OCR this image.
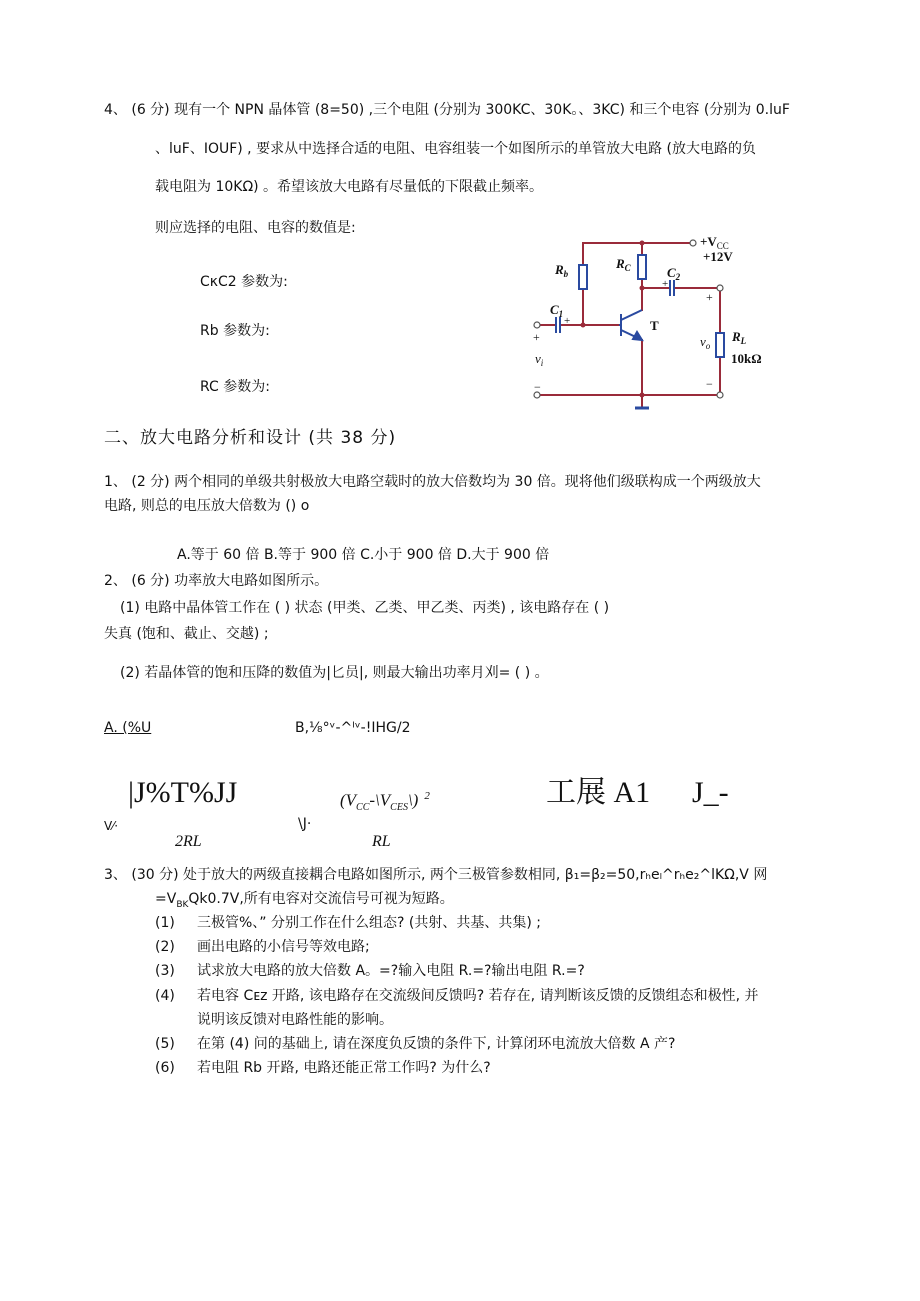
4、 (6 分) 现有一个 NPN 晶体管 (8=50) ,三个电阻 (分别为 300KC、30K。、3KC) 和三个电容 (分别为 0.luF
、luF、IOUF) , 要求从中选择合适的电阻、电容组装一个如图所示的单管放大电路 (放大电路的负
载电阻为 10KΩ) 。希望该放大电路有尽量低的下限截止频率。
则应选择的电阻、电容的数值是:
CκC2 参数为:
Rb 参数为:
RC 参数为:
$+V_{CC}$
+12V
$R_b$
$R_C$
$C_1$
$C_2$
T
$R_L$
10kΩ
$v_i$
$v_o$
+
+
+
+
−	−
二、放大电路分析和设计 (共 38 分)
1、 (2 分) 两个相同的单级共射极放大电路空载时的放大倍数均为 30 倍。现将他们级联构成一个两级放大
电路, 则总的电压放大倍数为 () o
A.等于 60 倍 B.等于 900 倍 C.小于 900 倍 D.大于 900 倍
2、 (6 分) 功率放大电路如图所示。
(1) 电路中晶体管工作在 ( ) 状态 (甲类、乙类、甲乙类、丙类) , 该电路存在 ( )
失真 (饱和、截止、交越) ;
(2) 若晶体管的饱和压降的数值为|匕员|, 则最大输出功率月刈= ( ) 。
A. (%U	B,⅛°ᵛ-^ᴵᵛ-!IHG/2
|J%T%JJ	$(V_{CC}-\backslash V_{CES}\backslash)$ $^2$	工展 A1 J_-
V⁄·
2RL
\J·
RL
3、 (30 分) 处于放大的两级直接耦合电路如图所示, 两个三极管参数相同, β₁=β₂=50,rₕeₗ^rₕe₂^lKΩ,V 网
$=V_{BK}Qk0.7V$,所有电容对交流信号可视为短路。
(1) 三极管%、” 分别工作在什么组态? (共射、共基、共集) ;
(2) 画出电路的小信号等效电路;
(3) 试求放大电路的放大倍数 A。=?输入电阻 R.=?输出电阻 R.=?
(4) 若电容 Cᴇᴢ 开路, 该电路存在交流级间反馈吗? 若存在, 请判断该反馈的反馈组态和极性, 并
说明该反馈对电路性能的影响。
(5) 在第 (4) 问的基础上, 请在深度负反馈的条件下, 计算闭环电流放大倍数 A 产?
(6) 若电阻 Rb 开路, 电路还能正常工作吗? 为什么?
